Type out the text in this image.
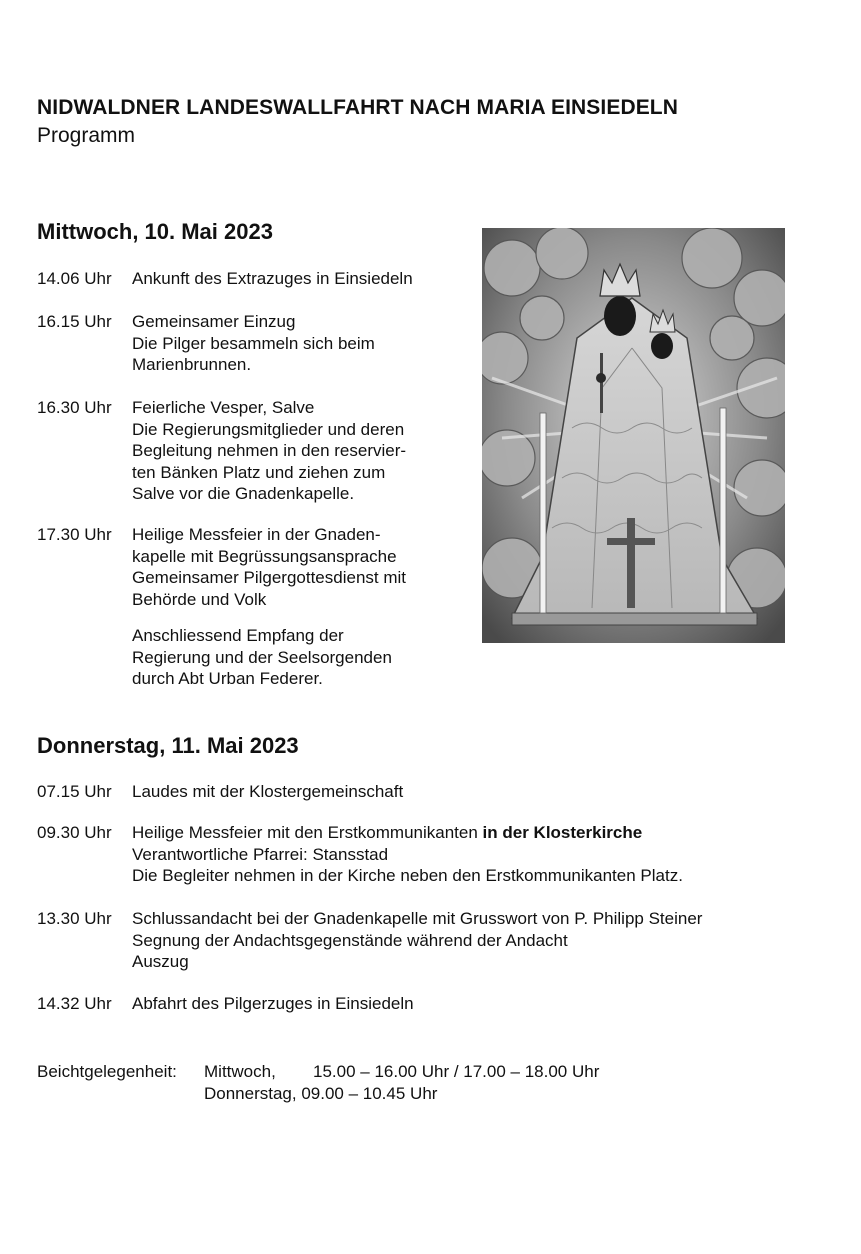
NIDWALDNER LANDESWALLFAHRT NACH MARIA EINSIEDELN
Programm
Mittwoch, 10. Mai 2023
14.06 Uhr	Ankunft des Extrazuges in Einsiedeln
16.15 Uhr	Gemeinsamer Einzug
Die Pilger besammeln sich beim
Marienbrunnen.
16.30 Uhr	Feierliche Vesper, Salve
Die Regierungsmitglieder und deren
Begleitung nehmen in den reservier-
ten Bänken Platz und ziehen zum
Salve vor die Gnadenkapelle.
17.30 Uhr	Heilige Messfeier in der Gnaden-
kapelle mit Begrüssungsansprache
Gemeinsamer Pilgergottesdienst mit
Behörde und Volk
Anschliessend Empfang der
Regierung und der Seelsorgenden
durch Abt Urban Federer.
Donnerstag, 11. Mai 2023
07.15 Uhr	Laudes mit der Klostergemeinschaft
09.30 Uhr	Heilige Messfeier mit den Erstkommunikanten in der Klosterkirche
Verantwortliche Pfarrei: Stansstad
Die Begleiter nehmen in der Kirche neben den Erstkommunikanten Platz.
13.30 Uhr	Schlussandacht bei der Gnadenkapelle mit Grusswort von P. Philipp Steiner
Segnung der Andachtsgegenstände während der Andacht
Auszug
14.32 Uhr	Abfahrt des Pilgerzuges in Einsiedeln
Beichtgelegenheit: Mittwoch, 15.00 – 16.00 Uhr / 17.00 – 18.00 Uhr
Donnerstag, 09.00 – 10.45 Uhr
